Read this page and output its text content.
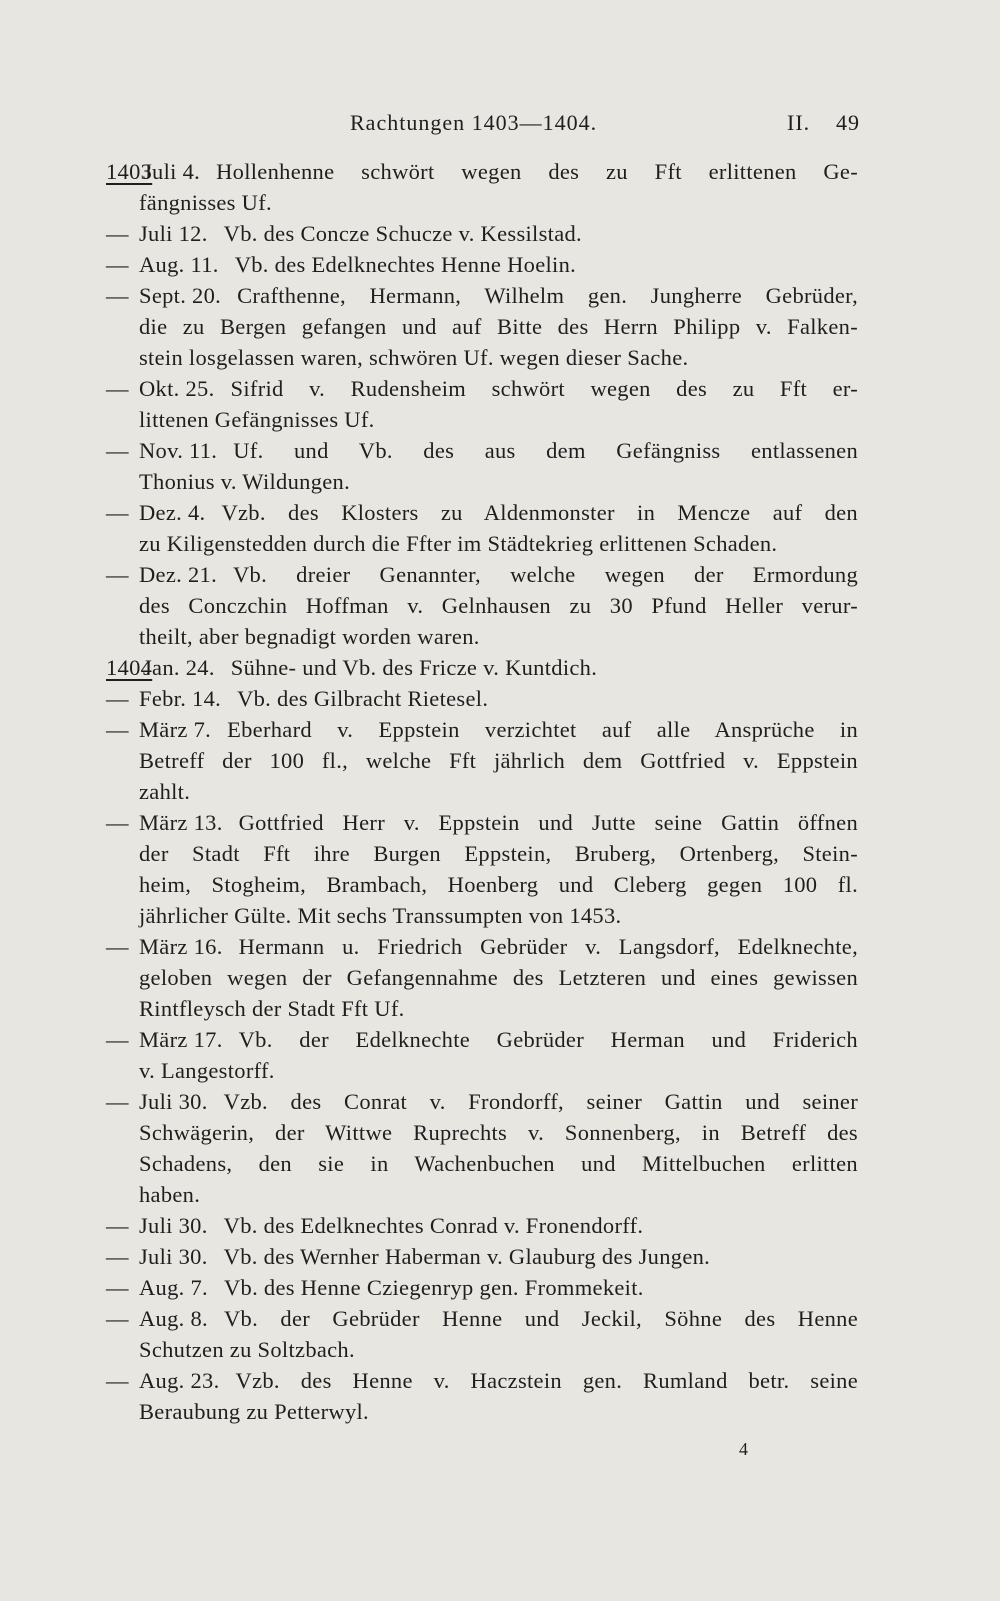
Rachtungen 1403—1404.	II. 49
1403
Juli 4. Hollenhenne schwört wegen des zu Fft erlittenen Ge-
fängnisses Uf.
— Juli 12. Vb. des Concze Schucze v. Kessilstad.
— Aug. 11. Vb. des Edelknechtes Henne Hoelin.
— Sept. 20. Crafthenne, Hermann, Wilhelm gen. Jungherre Gebrüder,
die zu Bergen gefangen und auf Bitte des Herrn Philipp v. Falken-
stein losgelassen waren, schwören Uf. wegen dieser Sache.
— Okt. 25. Sifrid v. Rudensheim schwört wegen des zu Fft er-
littenen Gefängnisses Uf.
— Nov. 11. Uf. und Vb. des aus dem Gefängniss entlassenen
Thonius v. Wildungen.
— Dez. 4. Vzb. des Klosters zu Aldenmonster in Mencze auf den
zu Kiligenstedden durch die Ffter im Städtekrieg erlittenen Schaden.
— Dez. 21. Vb. dreier Genannter, welche wegen der Ermordung
des Conczchin Hoffman v. Gelnhausen zu 30 Pfund Heller verur-
theilt, aber begnadigt worden waren.
1404
Jan. 24. Sühne- und Vb. des Fricze v. Kuntdich.
— Febr. 14. Vb. des Gilbracht Rietesel.
— März 7. Eberhard v. Eppstein verzichtet auf alle Ansprüche in
Betreff der 100 fl., welche Fft jährlich dem Gottfried v. Eppstein
zahlt.
— März 13. Gottfried Herr v. Eppstein und Jutte seine Gattin öffnen
der Stadt Fft ihre Burgen Eppstein, Bruberg, Ortenberg, Stein-
heim, Stogheim, Brambach, Hoenberg und Cleberg gegen 100 fl.
jährlicher Gülte. Mit sechs Transsumpten von 1453.
— März 16. Hermann u. Friedrich Gebrüder v. Langsdorf, Edelknechte,
geloben wegen der Gefangennahme des Letzteren und eines gewissen
Rintfleysch der Stadt Fft Uf.
— März 17. Vb. der Edelknechte Gebrüder Herman und Friderich
v. Langestorff.
— Juli 30. Vzb. des Conrat v. Frondorff, seiner Gattin und seiner
Schwägerin, der Wittwe Ruprechts v. Sonnenberg, in Betreff des
Schadens, den sie in Wachenbuchen und Mittelbuchen erlitten
haben.
— Juli 30. Vb. des Edelknechtes Conrad v. Fronendorff.
— Juli 30. Vb. des Wernher Haberman v. Glauburg des Jungen.
— Aug. 7. Vb. des Henne Cziegenryp gen. Frommekeit.
— Aug. 8. Vb. der Gebrüder Henne und Jeckil, Söhne des Henne
Schutzen zu Soltzbach.
— Aug. 23. Vzb. des Henne v. Haczstein gen. Rumland betr. seine
Beraubung zu Petterwyl.
4
